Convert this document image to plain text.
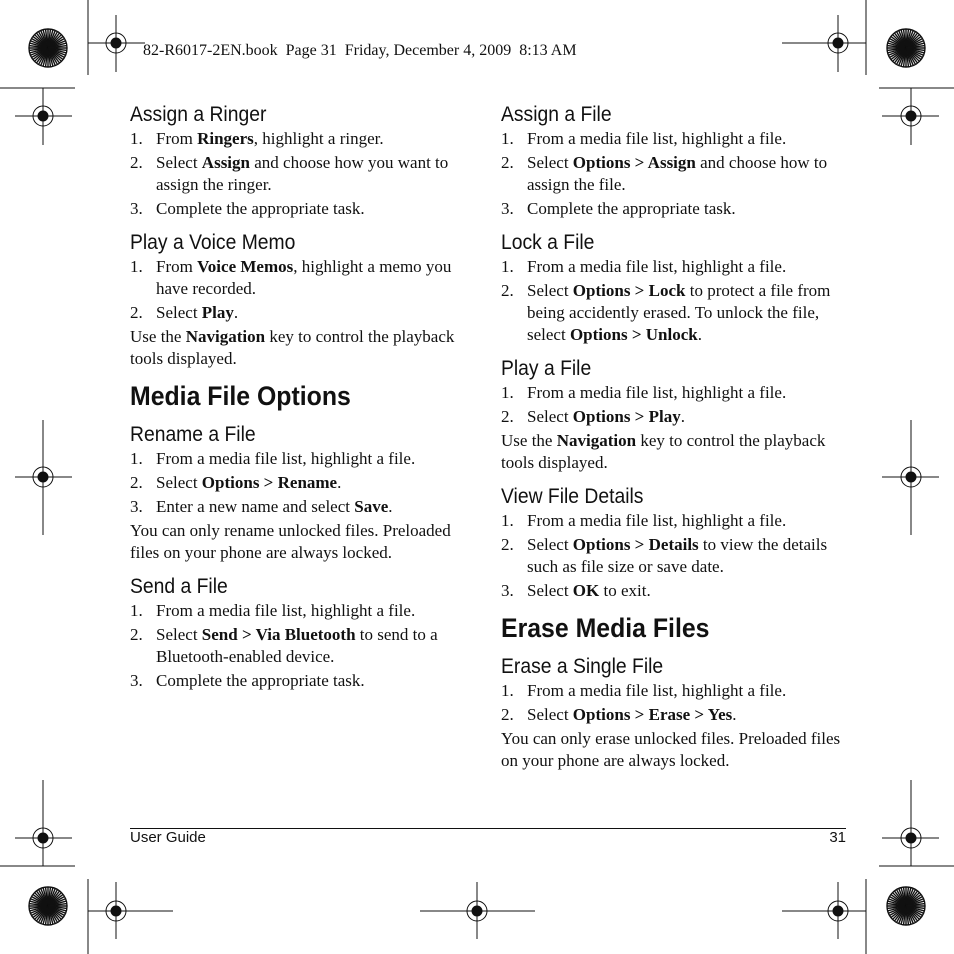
82-R6017-2EN.book  Page 31  Friday, December 4, 2009  8:13 AM
Assign a Ringer
1. From Ringers, highlight a ringer.
2. Select Assign and choose how you want to assign the ringer.
3. Complete the appropriate task.
Play a Voice Memo
1. From Voice Memos, highlight a memo you have recorded.
2. Select Play.

Use the Navigation key to control the playback tools displayed.

Media File Options
Rename a File
1. From a media file list, highlight a file.
2. Select Options > Rename.
3. Enter a new name and select Save.

You can only rename unlocked files. Preloaded files on your phone are always locked.

Send a File
1. From a media file list, highlight a file.
2. Select Send > Via Bluetooth to send to a Bluetooth-enabled device.
3. Complete the appropriate task.
Assign a File
1. From a media file list, highlight a file.
2. Select Options > Assign and choose how to assign the file.
3. Complete the appropriate task.
Lock a File
1. From a media file list, highlight a file.
2. Select Options > Lock to protect a file from being accidently erased. To unlock the file, select Options > Unlock.
Play a File
1. From a media file list, highlight a file.
2. Select Options > Play.

Use the Navigation key to control the playback tools displayed.

View File Details
1. From a media file list, highlight a file.
2. Select Options > Details to view the details such as file size or save date.
3. Select OK to exit.
Erase Media Files
Erase a Single File
1. From a media file list, highlight a file.
2. Select Options > Erase > Yes.

You can only erase unlocked files. Preloaded files on your phone are always locked.

User Guide	31
